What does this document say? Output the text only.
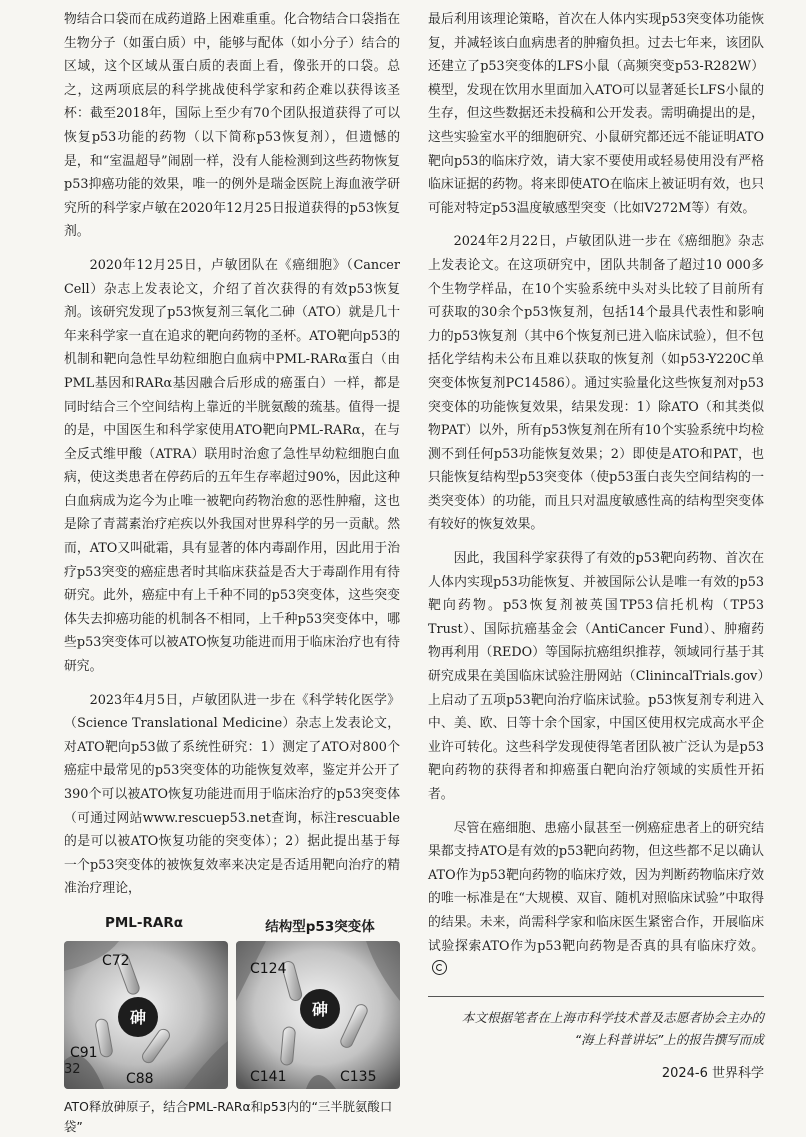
物结合口袋而在成药道路上困难重重。化合物结合口袋指在生物分子（如蛋白质）中，能够与配体（如小分子）结合的区域，这个区域从蛋白质的表面上看，像张开的口袋。总之，这两项底层的科学挑战使科学家和药企难以获得该圣杯：截至2018年，国际上至少有70个团队报道获得了可以恢复p53功能的药物（以下简称p53恢复剂），但遗憾的是，和“室温超导”闹剧一样，没有人能检测到这些药物恢复p53抑癌功能的效果，唯一的例外是瑞金医院上海血液学研究所的科学家卢敏在2020年12月25日报道获得的p53恢复剂。

2020年12月25日，卢敏团队在《癌细胞》（Cancer Cell）杂志上发表论文，介绍了首次获得的有效p53恢复剂。该研究发现了p53恢复剂三氧化二砷（ATO）就是几十年来科学家一直在追求的靶向药物的圣杯。ATO靶向p53的机制和靶向急性早幼粒细胞白血病中PML-RARα蛋白（由PML基因和RARα基因融合后形成的癌蛋白）一样，都是同时结合三个空间结构上靠近的半胱氨酸的巯基。值得一提的是，中国医生和科学家使用ATO靶向PML-RARα，在与全反式维甲酸（ATRA）联用时治愈了急性早幼粒细胞白血病，使这类患者在停药后的五年生存率超过90%，因此这种白血病成为迄今为止唯一被靶向药物治愈的恶性肿瘤，这也是除了青蒿素治疗疟疾以外我国对世界科学的另一贡献。然而，ATO又叫砒霜，具有显著的体内毒副作用，因此用于治疗p53突变的癌症患者时其临床获益是否大于毒副作用有待研究。此外，癌症中有上千种不同的p53突变体，这些突变体失去抑癌功能的机制各不相同，上千种p53突变体中，哪些p53突变体可以被ATO恢复功能进而用于临床治疗也有待研究。

2023年4月5日，卢敏团队进一步在《科学转化医学》（Science Translational Medicine）杂志上发表论文，对ATO靶向p53做了系统性研究：1）测定了ATO对800个癌症中最常见的p53突变体的功能恢复效率，鉴定并公开了390个可以被ATO恢复功能进而用于临床治疗的p53突变体（可通过网站www.rescuep53.net查询，标注rescuable的是可以被ATO恢复功能的突变体）；2）据此提出基于每一个p53突变体的被恢复效率来决定是否适用靶向治疗的精准治疗理论，

PML-RARα	结构型p53突变体
砷
C72
C91
C88
砷
C124
C141	C135
ATO释放砷原子，结合PML-RARα和p53内的“三半胱氨酸口袋”

最后利用该理论策略，首次在人体内实现p53突变体功能恢复，并减轻该白血病患者的肿瘤负担。过去七年来，该团队还建立了p53突变体的LFS小鼠（高频突变p53-R282W）模型，发现在饮用水里面加入ATO可以显著延长LFS小鼠的生存，但这些数据还未投稿和公开发表。需明确提出的是，这些实验室水平的细胞研究、小鼠研究都还远不能证明ATO靶向p53的临床疗效，请大家不要使用或轻易使用没有严格临床证据的药物。将来即使ATO在临床上被证明有效，也只可能对特定p53温度敏感型突变（比如V272M等）有效。

2024年2月22日，卢敏团队进一步在《癌细胞》杂志上发表论文。在这项研究中，团队共制备了超过10 000多个生物学样品，在10个实验系统中头对头比较了目前所有可获取的30余个p53恢复剂，包括14个最具代表性和影响力的p53恢复剂（其中6个恢复剂已进入临床试验），但不包括化学结构未公布且难以获取的恢复剂（如p53-Y220C单突变体恢复剂PC14586）。通过实验量化这些恢复剂对p53突变体的功能恢复效果，结果发现：1）除ATO（和其类似物PAT）以外，所有p53恢复剂在所有10个实验系统中均检测不到任何p53功能恢复效果；2）即使是ATO和PAT，也只能恢复结构型p53突变体（使p53蛋白丧失空间结构的一类突变体）的功能，而且只对温度敏感性高的结构型突变体有较好的恢复效果。

因此，我国科学家获得了有效的p53靶向药物、首次在人体内实现p53功能恢复、并被国际公认是唯一有效的p53靶向药物。p53恢复剂被英国TP53信托机构（TP53 Trust）、国际抗癌基金会（AntiCancer Fund）、肿瘤药物再利用（REDO）等国际抗癌组织推荐，领域同行基于其研究成果在美国临床试验注册网站（ClinincalTrials.gov）上启动了五项p53靶向治疗临床试验。p53恢复剂专利进入中、美、欧、日等十余个国家，中国区使用权完成高水平企业许可转化。这些科学发现使得笔者团队被广泛认为是p53靶向药物的获得者和抑癌蛋白靶向治疗领域的实质性开拓者。

尽管在癌细胞、患癌小鼠甚至一例癌症患者上的研究结果都支持ATO是有效的p53靶向药物，但这些都不足以确认ATO作为p53靶向药物的临床疗效，因为判断药物临床疗效的唯一标准是在“大规模、双盲、随机对照临床试验”中取得的结果。未来，尚需科学家和临床医生紧密合作，开展临床试验探索ATO作为p53靶向药物是否真的具有临床疗效。

本文根据笔者在上海市科学技术普及志愿者协会主办的
“海上科普讲坛”上的报告撰写而成
32	2024-6 世界科学
